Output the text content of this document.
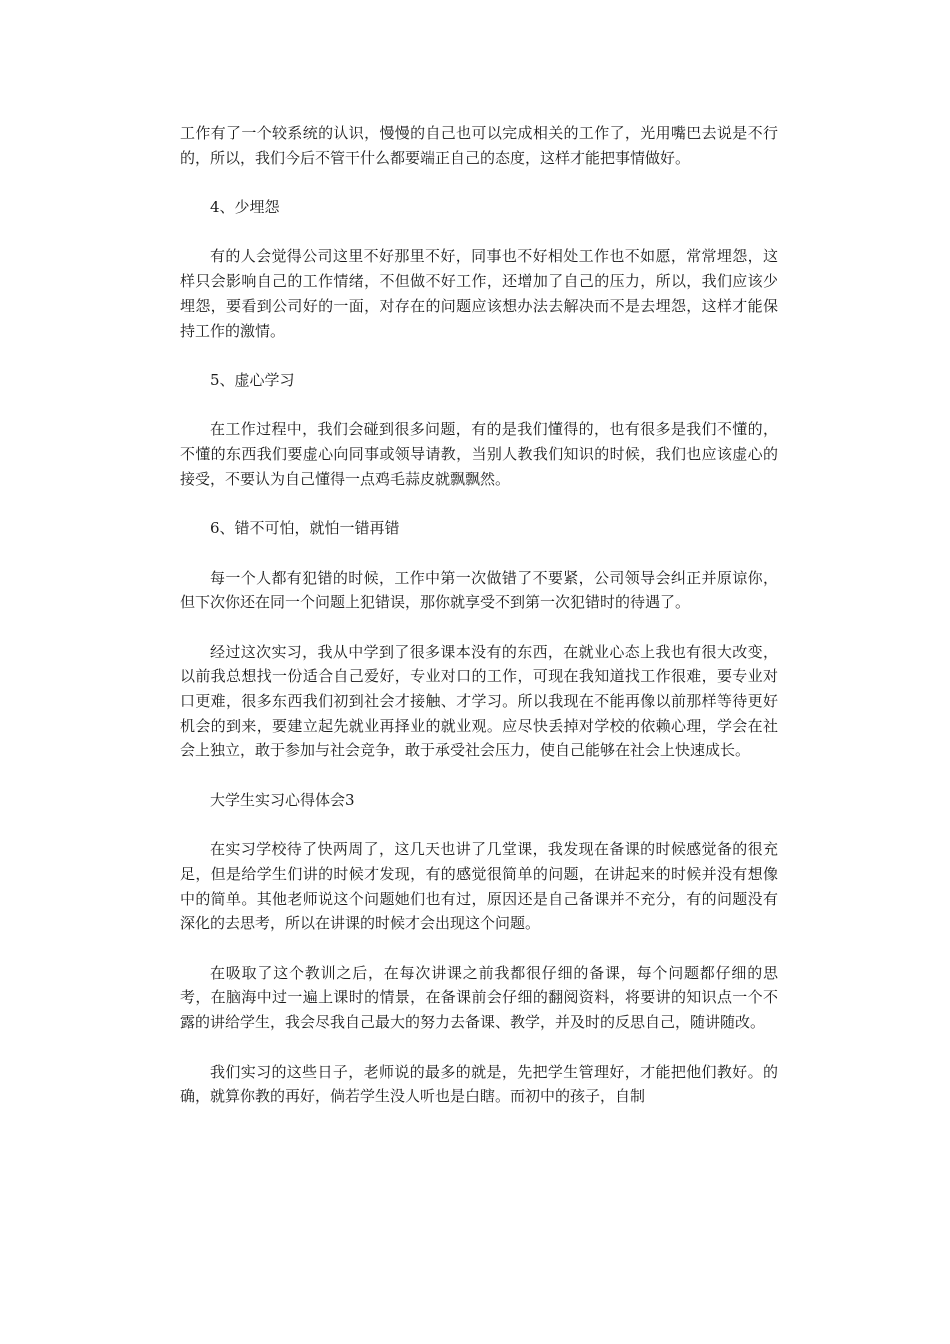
工作有了一个较系统的认识，慢慢的自己也可以完成相关的工作了，光用嘴巴去说是不行的，所以，我们今后不管干什么都要端正自己的态度，这样才能把事情做好。

4、少埋怨

有的人会觉得公司这里不好那里不好，同事也不好相处工作也不如愿，常常埋怨，这样只会影响自己的工作情绪，不但做不好工作，还增加了自己的压力，所以，我们应该少埋怨，要看到公司好的一面，对存在的问题应该想办法去解决而不是去埋怨，这样才能保持工作的激情。

5、虚心学习

在工作过程中，我们会碰到很多问题，有的是我们懂得的，也有很多是我们不懂的，不懂的东西我们要虚心向同事或领导请教，当别人教我们知识的时候，我们也应该虚心的接受，不要认为自己懂得一点鸡毛蒜皮就飘飘然。

6、错不可怕，就怕一错再错

每一个人都有犯错的时候，工作中第一次做错了不要紧，公司领导会纠正并原谅你，但下次你还在同一个问题上犯错误，那你就享受不到第一次犯错时的待遇了。

经过这次实习，我从中学到了很多课本没有的东西，在就业心态上我也有很大改变，以前我总想找一份适合自己爱好，专业对口的工作，可现在我知道找工作很难，要专业对口更难，很多东西我们初到社会才接触、才学习。所以我现在不能再像以前那样等待更好机会的到来，要建立起先就业再择业的就业观。应尽快丢掉对学校的依赖心理，学会在社会上独立，敢于参加与社会竞争，敢于承受社会压力，使自己能够在社会上快速成长。

大学生实习心得体会3

在实习学校待了快两周了，这几天也讲了几堂课，我发现在备课的时候感觉备的很充足，但是给学生们讲的时候才发现，有的感觉很简单的问题，在讲起来的时候并没有想像中的简单。其他老师说这个问题她们也有过，原因还是自己备课并不充分，有的问题没有深化的去思考，所以在讲课的时候才会出现这个问题。

在吸取了这个教训之后，在每次讲课之前我都很仔细的备课，每个问题都仔细的思考，在脑海中过一遍上课时的情景，在备课前会仔细的翻阅资料，将要讲的知识点一个不露的讲给学生，我会尽我自己最大的努力去备课、教学，并及时的反思自己，随讲随改。

我们实习的这些日子，老师说的最多的就是，先把学生管理好，才能把他们教好。的确，就算你教的再好，倘若学生没人听也是白瞎。而初中的孩子，自制
